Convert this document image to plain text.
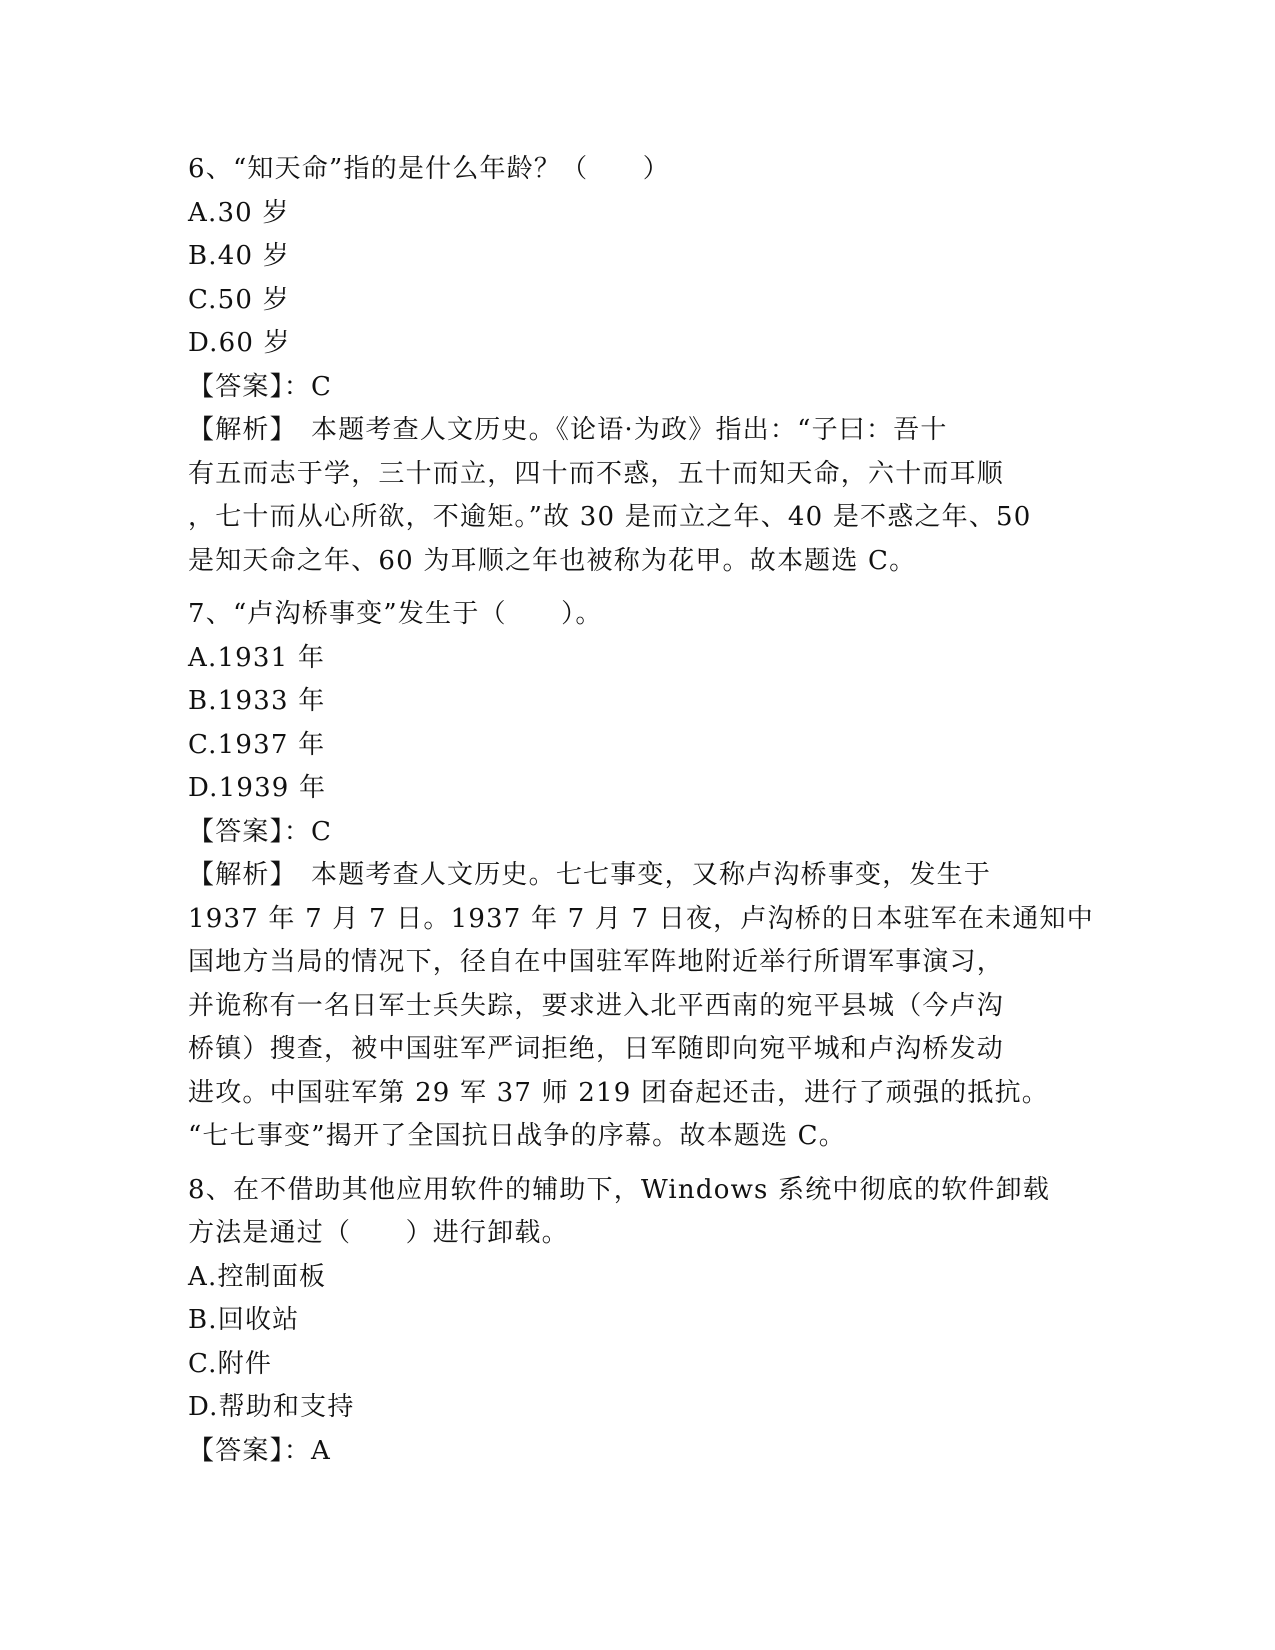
6、“知天命”指的是什么年龄？（　　）
A.30 岁
B.40 岁
C.50 岁
D.60 岁
【答案】：C
【解析】　本题考查人文历史。《论语·为政》指出：“子曰：吾十
有五而志于学，三十而立，四十而不惑，五十而知天命，六十而耳顺
，七十而从心所欲，不逾矩。”故 30 是而立之年、40 是不惑之年、50
是知天命之年、60 为耳顺之年也被称为花甲。故本题选 C。
7、“卢沟桥事变”发生于（　　）。
A.1931 年
B.1933 年
C.1937 年
D.1939 年
【答案】：C
【解析】　本题考查人文历史。七七事变，又称卢沟桥事变，发生于
1937 年 7 月 7 日。1937 年 7 月 7 日夜，卢沟桥的日本驻军在未通知中
国地方当局的情况下，径自在中国驻军阵地附近举行所谓军事演习，
并诡称有一名日军士兵失踪，要求进入北平西南的宛平县城（今卢沟
桥镇）搜查，被中国驻军严词拒绝，日军随即向宛平城和卢沟桥发动
进攻。中国驻军第 29 军 37 师 219 团奋起还击，进行了顽强的抵抗。
“七七事变”揭开了全国抗日战争的序幕。故本题选 C。
8、在不借助其他应用软件的辅助下，Windows 系统中彻底的软件卸载
方法是通过（　　）进行卸载。
A.控制面板
B.回收站
C.附件
D.帮助和支持
【答案】：A
